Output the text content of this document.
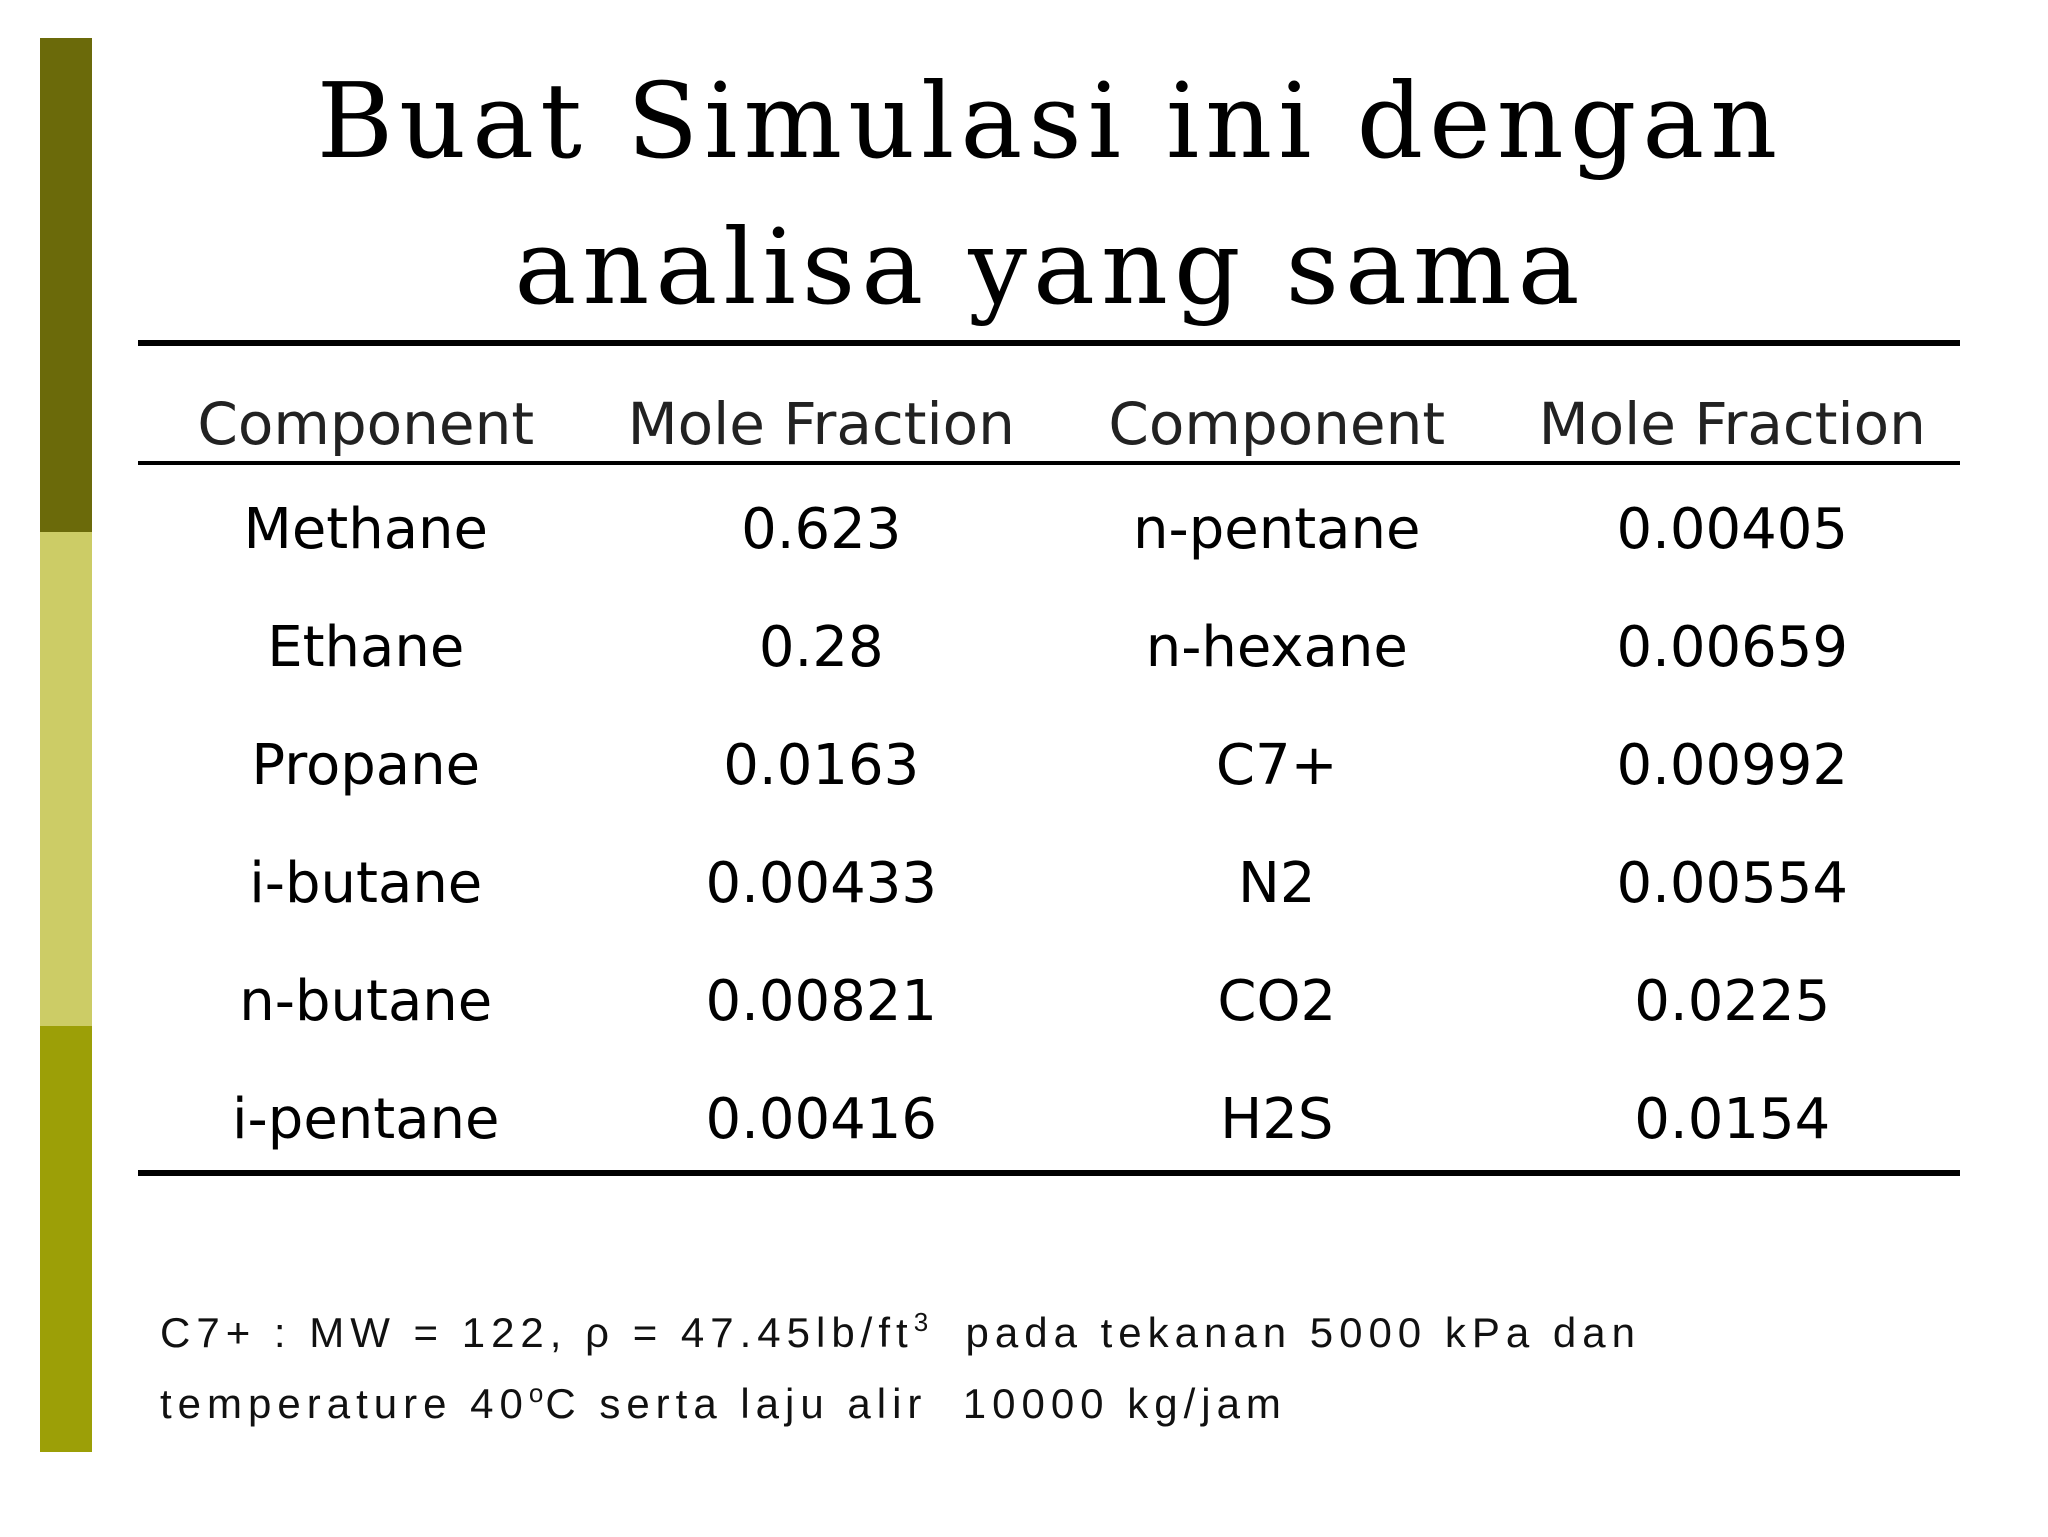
Buat Simulasi ini dengan
analisa yang sama
Component	Mole Fraction	Component	Mole Fraction
Methane	0.623	n-pentane	0.00405
Ethane	0.28	n-hexane	0.00659
Propane	0.0163	C7+	0.00992
i-butane	0.00433	N2	0.00554
n-butane	0.00821	CO2	0.0225
i-pentane	0.00416	H2S	0.0154
C7+ : MW = 122, $\rho = 47.45lb/ft^3$  pada tekanan 5000 kPa dan
temperature 40$^o$C serta laju alir  10000 kg/jam
